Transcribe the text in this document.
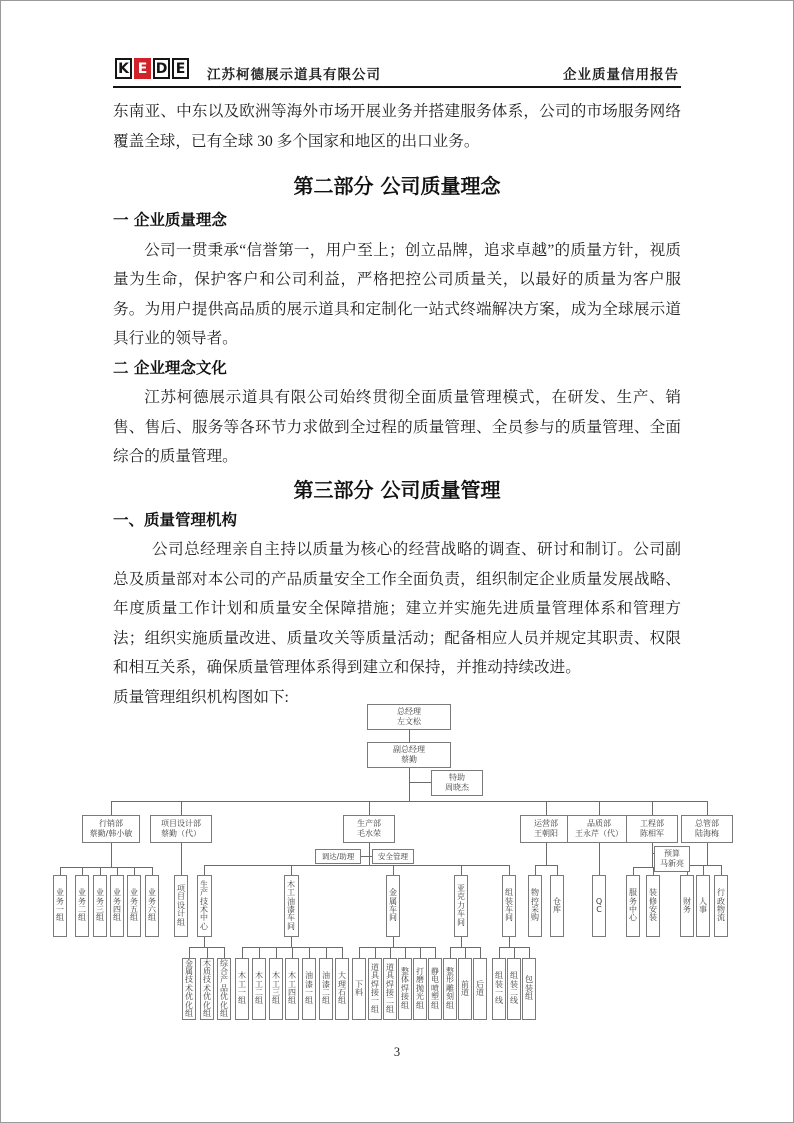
K E D E 江苏柯德展示道具有限公司	企业质量信用报告

东南亚、中东以及欧洲等海外市场开展业务并搭建服务体系，公司的市场服务网络覆盖全球，已有全球 30 多个国家和地区的出口业务。

第二部分 公司质量理念
一 企业质量理念

公司一贯秉承“信誉第一，用户至上；创立品牌，追求卓越”的质量方针，视质量为生命，保护客户和公司利益，严格把控公司质量关，以最好的质量为客户服务。为用户提供高品质的展示道具和定制化一站式终端解决方案，成为全球展示道具行业的领导者。

二 企业理念文化

江苏柯德展示道具有限公司始终贯彻全面质量管理模式，在研发、生产、销售、售后、服务等各环节力求做到全过程的质量管理、全员参与的质量管理、全面综合的质量管理。

第三部分 公司质量管理
一、质量管理机构

公司总经理亲自主持以质量为核心的经营战略的调查、研讨和制订。公司副总及质量部对本公司的产品质量安全工作全面负责，组织制定企业质量发展战略、年度质量工作计划和质量安全保障措施；建立并实施先进质量管理体系和管理方法；组织实施质量改进、质量攻关等质量活动；配备相应人员并规定其职责、权限和相互关系，确保质量管理体系得到建立和保持，并推动持续改进。

质量管理组织机构图如下:

总经理
左文松
副总经理
蔡勤
特助
周晓杰
行销部
蔡勤/韩小敏
项目设计部
蔡勤（代）
生产部
毛水荣
运营部
王朝阳
品质部
王永芹（代）
工程部
陈相军
总管部
陆海梅
调达/助理	安全管理	预算
马新亮
业
务
一
组
业
务
二
组
业
务
三
组
业
务
四
组
业
务
五
组
业
务
六
组
项
目
设
计
组
生
产
技
术
中
心
木
工
油
漆
车
间
金
属
车
间
亚
克
力
车
间
组
装
车
间
物
控
采
购
仓
库
Q
C
服
务
中
心
装
修
安
装
财
务
人
事
行
政
物
流
金
属
技
术
优
化
组
木
质
技
术
优
化
组
综
合
产
品
优
化
组
木
工
一
组
木
工
二
组
木
工
三
组
木
工
四
组
油
漆
一
组
油
漆
二
组
大
理
石
组
下
料
道
具
焊
接
一
组
道
具
焊
接
二
组
整
体
焊
接
组
打
磨
抛
光
组
静
电
喷
塑
组
整
形
雕
刻
组
前
道
后
道
组
装
一
线
组
装
二
线
包
装
组
3
